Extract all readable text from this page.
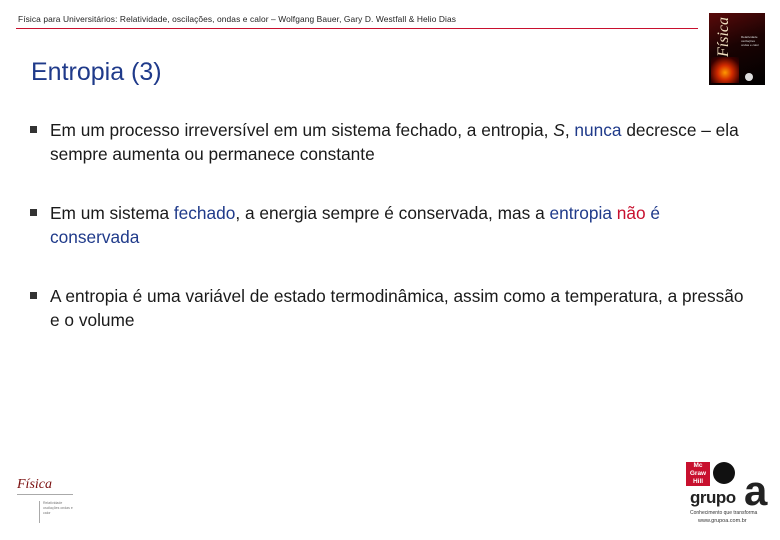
Física para Universitários: Relatividade, oscilações, ondas e calor – Wolfgang Bauer, Gary D. Westfall & Helio Dias	Física	Relatividade oscilações ondas e calor
Entropia (3)
Em um processo irreversível em um sistema fechado, a entropia, S, nunca decresce – ela sempre aumenta ou permanece constante
Em um sistema fechado, a energia sempre é conservada, mas a entropia não é conservada
A entropia é uma variável de estado termodinâmica, assim como a temperatura, a pressão e o volume
Física
Relatividade oscilações ondas e calor
Mc Graw Hill
grupo a
Conhecimento que transforma
www.grupoa.com.br
